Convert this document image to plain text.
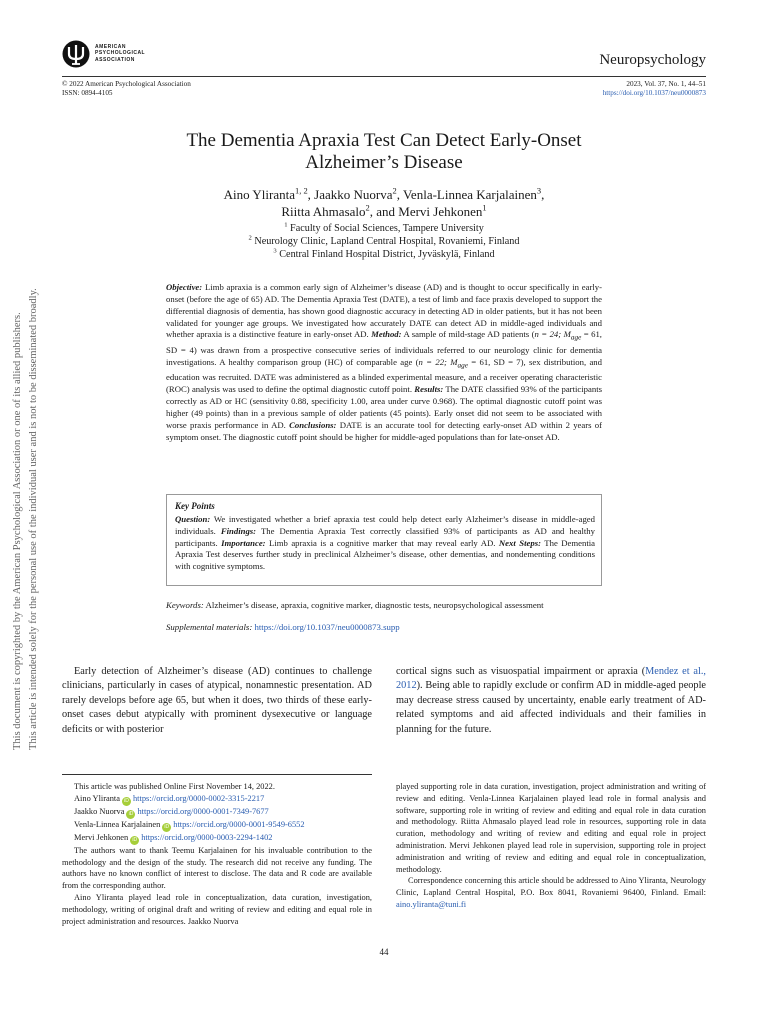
AMERICAN
PSYCHOLOGICAL
ASSOCIATION	Neuropsychology
© 2022 American Psychological Association
ISSN: 0894-4105
2023, Vol. 37, No. 1, 44–51
https://doi.org/10.1037/neu0000873
The Dementia Apraxia Test Can Detect Early-Onset
Alzheimer’s Disease
Aino Yliranta$^{1, 2}$, Jaakko Nuorva$^2$, Venla-Linnea Karjalainen$^3$,
Riitta Ahmasalo$^2$, and Mervi Jehkonen$^1$
$^1$ Faculty of Social Sciences, Tampere University
$^2$ Neurology Clinic, Lapland Central Hospital, Rovaniemi, Finland
$^3$ Central Finland Hospital District, Jyväskylä, Finland
Objective: Limb apraxia is a common early sign of Alzheimer’s disease (AD) and is thought to occur specifically in early-onset (before the age of 65) AD. The Dementia Apraxia Test (DATE), a test of limb and face praxis developed to support the differential diagnosis of dementia, has shown good diagnostic accuracy in detecting AD in older patients, but it has not been validated for younger age groups. We investigated how accurately DATE can detect AD in middle-aged individuals and whether apraxia is a distinctive feature in early-onset AD. Method: A sample of mild-stage AD patients (n = 24; $M_{age} = 61$, SD = 4) was drawn from a prospective consecutive series of individuals referred to our neurology clinic for dementia investigations. A healthy comparison group (HC) of comparable age (n = 22; $M_{age} = 61$, SD = 7), sex distribution, and education was recruited. DATE was administered as a blinded experimental measure, and a receiver operating characteristic (ROC) analysis was used to define the optimal diagnostic cutoff point. Results: The DATE classified 93% of the participants correctly as AD or HC (sensitivity 0.88, specificity 1.00, area under curve 0.968). The optimal diagnostic cutoff point was higher (49 points) than in a previous sample of older patients (45 points). Early onset did not seem to be associated with worse praxis performance in AD. Conclusions: DATE is an accurate tool for detecting early-onset AD within 2 years of symptom onset. The diagnostic cutoff point should be higher for middle-aged populations than for late-onset AD.
Key Points
Question: We investigated whether a brief apraxia test could help detect early Alzheimer’s disease in middle-aged individuals. Findings: The Dementia Apraxia Test correctly classified 93% of participants as AD and healthy participants. Importance: Limb apraxia is a cognitive marker that may reveal early AD. Next Steps: The Dementia Apraxia Test deserves further study in preclinical Alzheimer’s disease, other dementias, and nondementing conditions with cognitive symptoms.
Keywords: Alzheimer’s disease, apraxia, cognitive marker, diagnostic tests, neuropsychological assessment
Supplemental materials: https://doi.org/10.1037/neu0000873.supp
Early detection of Alzheimer’s disease (AD) continues to challenge clinicians, particularly in cases of atypical, nonamnestic presentation. AD rarely develops before age 65, but when it does, two thirds of these early-onset cases debut atypically with prominent dysexecutive or language deficits or with posterior
cortical signs such as visuospatial impairment or apraxia (Mendez et al., 2012). Being able to rapidly exclude or confirm AD in middle-aged people may decrease stress caused by uncertainty, enable early treatment of AD-related symptoms and aid affected individuals and their families in planning for the future.

This article was published Online First November 14, 2022.

Aino Yliranta iD https://orcid.org/0000-0002-3315-2217

Jaakko Nuorva iD https://orcid.org/0000-0001-7349-7677

Venla-Linnea Karjalainen iD https://orcid.org/0000-0001-9549-6552

Mervi Jehkonen iD https://orcid.org/0000-0003-2294-1402

The authors want to thank Teemu Karjalainen for his invaluable contribution to the methodology and the design of the study. The research did not receive any funding. The authors have no known conflict of interest to disclose. The data and R code are available from the corresponding author.

Aino Yliranta played lead role in conceptualization, data curation, investigation, methodology, writing of original draft and writing of review and editing and equal role in project administration and resources. Jaakko Nuorva

played supporting role in data curation, investigation, project administration and writing of review and editing. Venla-Linnea Karjalainen played lead role in formal analysis and software, supporting role in writing of review and editing and equal role in data curation and methodology. Riitta Ahmasalo played lead role in resources, supporting role in data curation, methodology and writing of review and editing and equal role in project administration. Mervi Jehkonen played lead role in supervision, supporting role in project administration and writing of review and editing and equal role in conceptualization, methodology.

Correspondence concerning this article should be addressed to Aino Yliranta, Neurology Clinic, Lapland Central Hospital, P.O. Box 8041, Rovaniemi 96400, Finland. Email: aino.yliranta@tuni.fi

44
This document is copyrighted by the American Psychological Association or one of its allied publishers. This article is intended solely for the personal use of the individual user and is not to be disseminated broadly.
